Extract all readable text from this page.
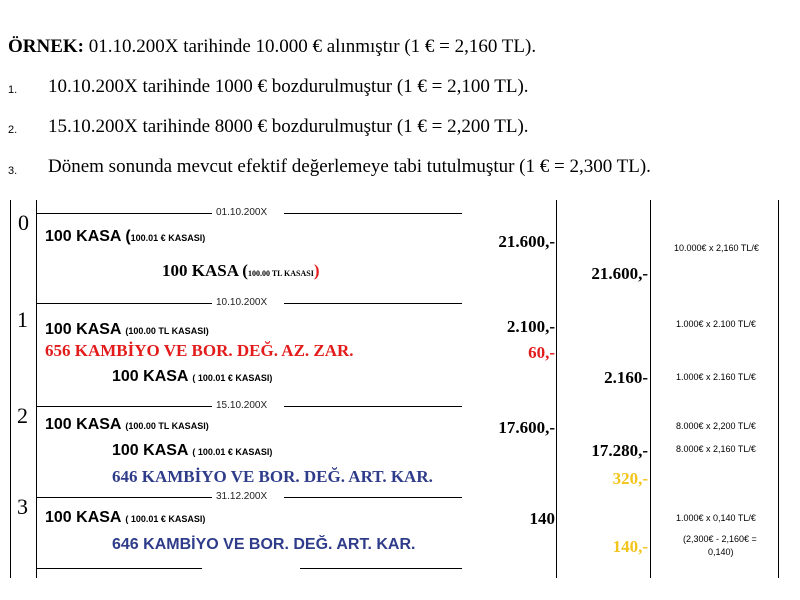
ÖRNEK: 01.10.200X tarihinde 10.000 € alınmıştır (1 € = 2,160 TL).
1. 10.10.200X tarihinde 1000 € bozdurulmuştur (1 € = 2,100 TL).
2. 15.10.200X tarihinde 8000 € bozdurulmuştur (1 € = 2,200 TL).
3. Dönem sonunda mevcut efektif değerlemeye tabi tutulmuştur (1 € = 2,300 TL).
01.10.200X
10.10.200X
15.10.200X
31.12.200X
0
1
2
3
100 KASA (100.01 € KASASI)
100 KASA (100.00 TL KASASI)
21.600,-
21.600,-
10.000€ x 2,160 TL/€
100 KASA (100.00 TL KASASI)
656 KAMBİYO VE BOR. DEĞ. AZ. ZAR.
100 KASA ( 100.01 € KASASI)
2.100,-
60,-
2.160-
1.000€ x 2.100 TL/€
1.000€ x 2.160 TL/€
100 KASA (100.00 TL KASASI)
100 KASA ( 100.01 € KASASI)
646 KAMBİYO VE BOR. DEĞ. ART. KAR.
17.600,-
17.280,-
320,-
8.000€ x 2,200 TL/€
8.000€ x 2,160 TL/€
100 KASA ( 100.01 € KASASI)
646 KAMBİYO VE BOR. DEĞ. ART. KAR.
140
140,-
1.000€ x 0,140 TL/€
(2,300€ - 2,160€ =
0,140)
